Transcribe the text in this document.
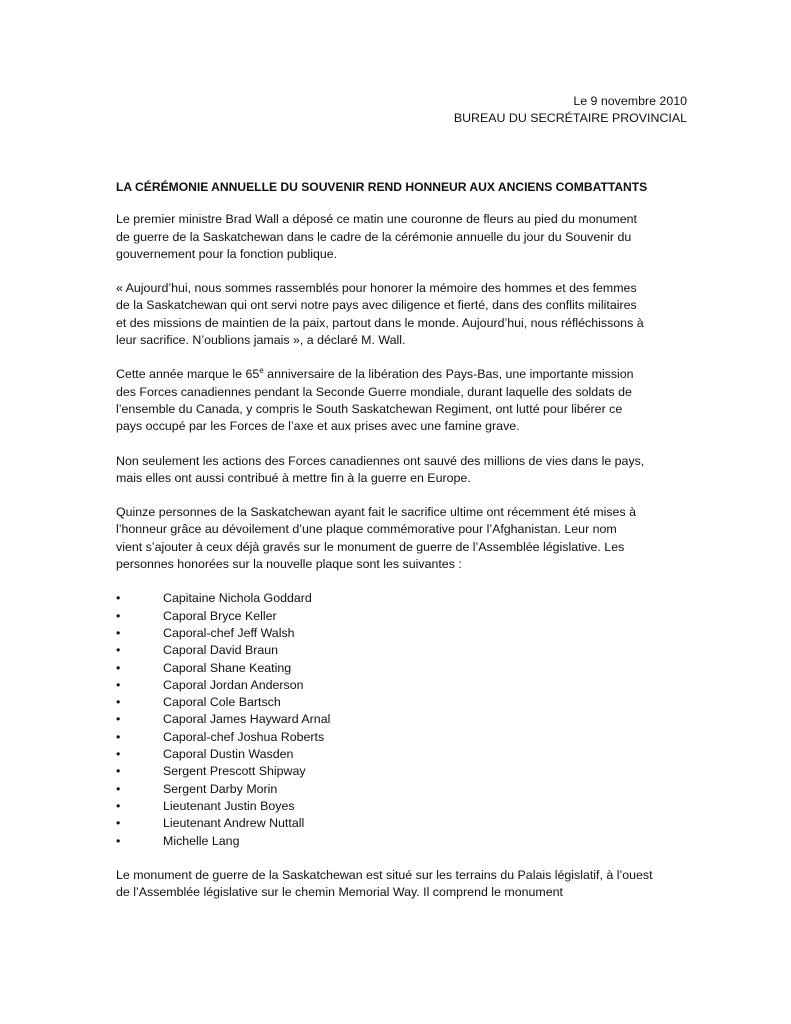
Le 9 novembre 2010
BUREAU DU SECRÉTAIRE PROVINCIAL
LA CÉRÉMONIE ANNUELLE DU SOUVENIR REND HONNEUR AUX ANCIENS COMBATTANTS

Le premier ministre Brad Wall a déposé ce matin une couronne de fleurs au pied du monument
de guerre de la Saskatchewan dans le cadre de la cérémonie annuelle du jour du Souvenir du
gouvernement pour la fonction publique.

« Aujourd’hui, nous sommes rassemblés pour honorer la mémoire des hommes et des femmes
de la Saskatchewan qui ont servi notre pays avec diligence et fierté, dans des conflits militaires
et des missions de maintien de la paix, partout dans le monde. Aujourd’hui, nous réfléchissons à
leur sacrifice. N’oublions jamais », a déclaré M. Wall.

Cette année marque le 65e anniversaire de la libération des Pays-Bas, une importante mission
des Forces canadiennes pendant la Seconde Guerre mondiale, durant laquelle des soldats de
l’ensemble du Canada, y compris le South Saskatchewan Regiment, ont lutté pour libérer ce
pays occupé par les Forces de l’axe et aux prises avec une famine grave.

Non seulement les actions des Forces canadiennes ont sauvé des millions de vies dans le pays,
mais elles ont aussi contribué à mettre fin à la guerre en Europe.

Quinze personnes de la Saskatchewan ayant fait le sacrifice ultime ont récemment été mises à
l’honneur grâce au dévoilement d’une plaque commémorative pour l’Afghanistan. Leur nom
vient s’ajouter à ceux déjà gravés sur le monument de guerre de l’Assemblée législative. Les
personnes honorées sur la nouvelle plaque sont les suivantes :

•	Capitaine Nichola Goddard
•	Caporal Bryce Keller
•	Caporal-chef Jeff Walsh
•	Caporal David Braun
•	Caporal Shane Keating
•	Caporal Jordan Anderson
•	Caporal Cole Bartsch
•	Caporal James Hayward Arnal
•	Caporal-chef Joshua Roberts
•	Caporal Dustin Wasden
•	Sergent Prescott Shipway
•	Sergent Darby Morin
•	Lieutenant Justin Boyes
•	Lieutenant Andrew Nuttall
•	Michelle Lang

Le monument de guerre de la Saskatchewan est situé sur les terrains du Palais législatif, à l’ouest
de l’Assemblée législative sur le chemin Memorial Way. Il comprend le monument
